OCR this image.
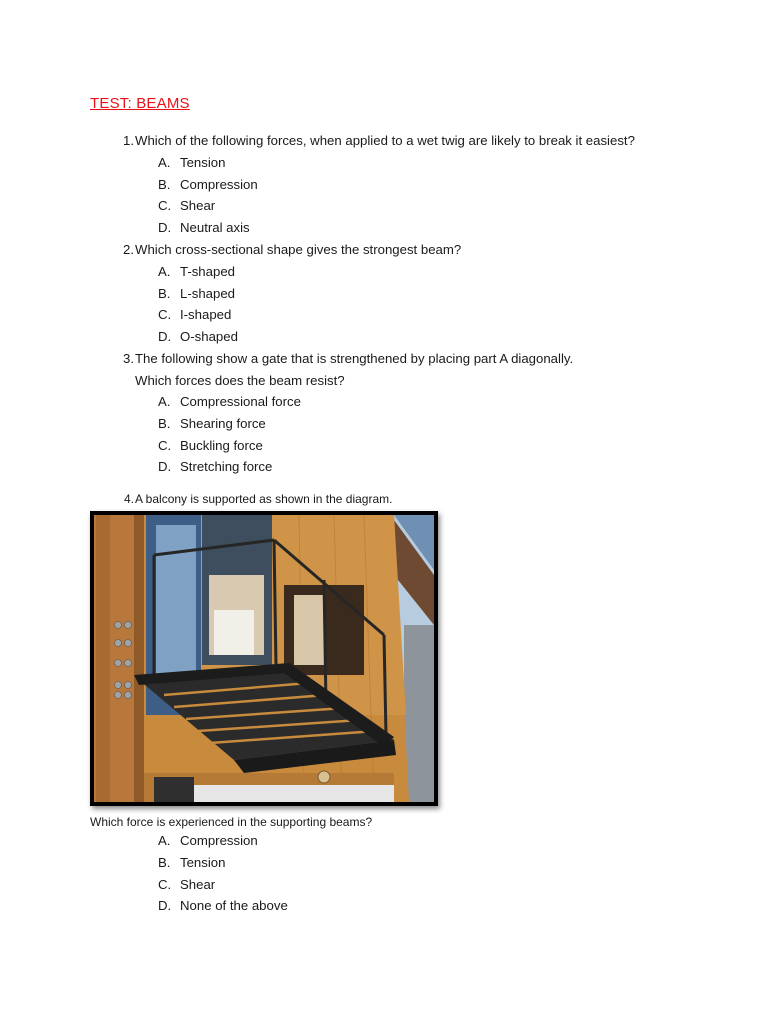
TEST: BEAMS
1. Which of the following forces, when applied to a wet twig are likely to break it easiest?
A. Tension
B. Compression
C. Shear
D. Neutral axis
2. Which cross-sectional shape gives the strongest beam?
A. T-shaped
B. L-shaped
C. I-shaped
D. O-shaped
3. The following show a gate that is strengthened by placing part A diagonally.
Which forces does the beam resist?
A. Compressional force
B. Shearing force
C. Buckling force
D. Stretching force
4. A balcony is supported as shown in the diagram.
Which force is experienced in the supporting beams?
A. Compression
B. Tension
C. Shear
D. None of the above
